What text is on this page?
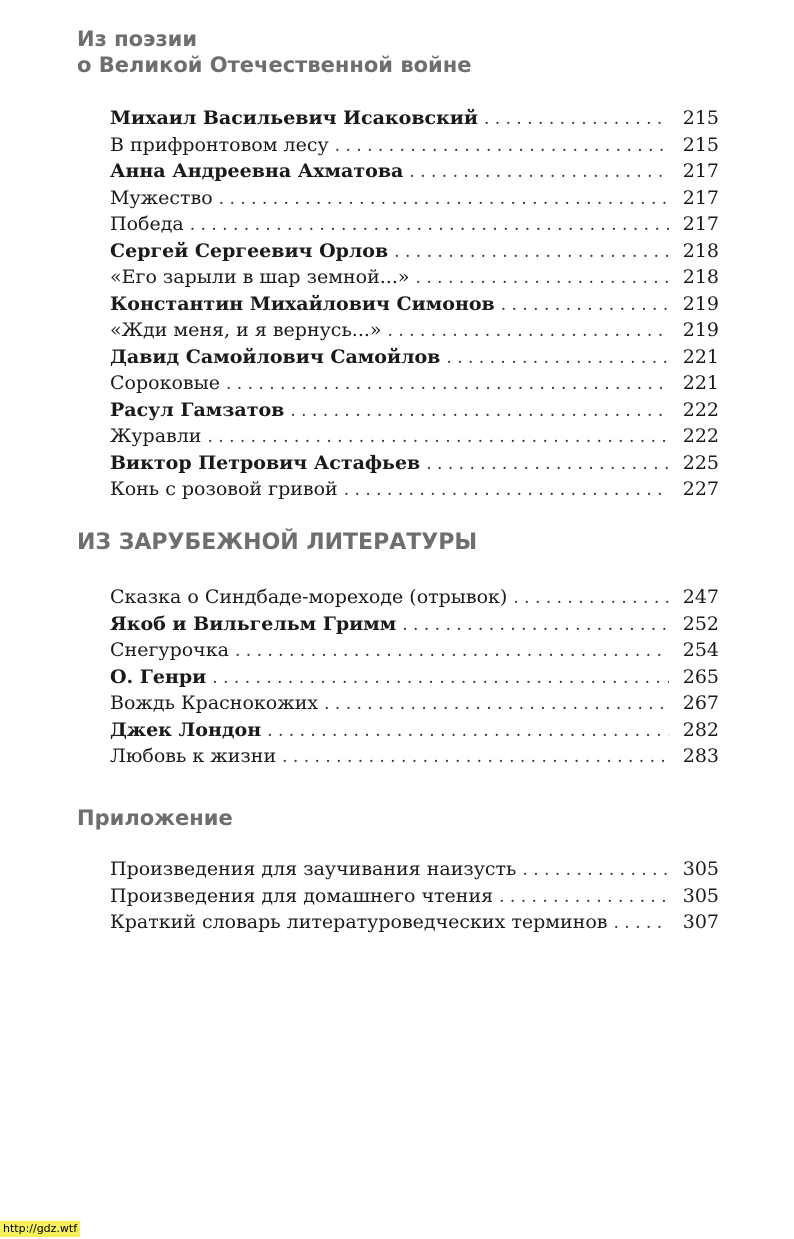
Из поэзии
о Великой Отечественной войне
Михаил Васильевич Исаковский . . .	215
В прифронтовом лесу . . .	215
Анна Андреевна Ахматова . . .	217
Мужество . . .	217
Победа . . .	217
Сергей Сергеевич Орлов . . .	218
«Его зарыли в шар земной...» . . .	218
Константин Михайлович Симонов . . .	219
«Жди меня, и я вернусь...» . . .	219
Давид Самойлович Самойлов . . .	221
Сороковые . . .	221
Расул Гамзатов . . .	222
Журавли . . .	222
Виктор Петрович Астафьев . . .	225
Конь с розовой гривой . . .	227
ИЗ ЗАРУБЕЖНОЙ ЛИТЕРАТУРЫ
Сказка о Синдбаде-мореходе (отрывок) . . .	247
Якоб и Вильгельм Гримм . . .	252
Снегурочка . . .	254
О. Генри . . .	265
Вождь Краснокожих . . .	267
Джек Лондон . . .	282
Любовь к жизни . . .	283
Приложение
Произведения для заучивания наизусть . . .	305
Произведения для домашнего чтения . . .	305
Краткий словарь литературоведческих терминов . . .	307
http://gdz.wtf
